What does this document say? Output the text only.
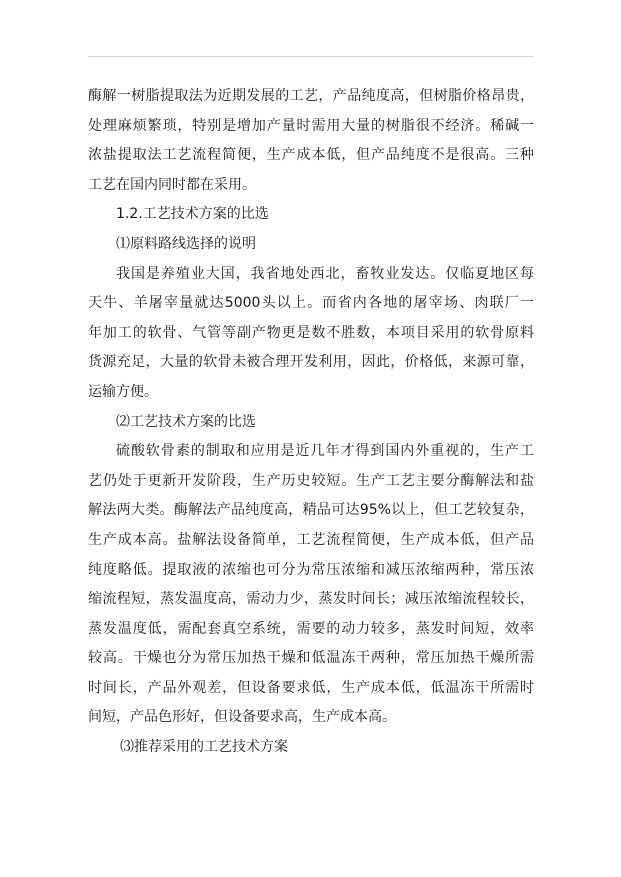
酶解一树脂提取法为近期发展的工艺，产品纯度高，但树脂价格昂贵，
处理麻烦繁琐，特别是增加产量时需用大量的树脂很不经济。稀碱一
浓盐提取法工艺流程简便，生产成本低，但产品纯度不是很高。三种
工艺在国内同时都在采用。
1.2.工艺技术方案的比选
⑴原料路线选择的说明
我国是养殖业大国，我省地处西北，畜牧业发达。仅临夏地区每
天牛、羊屠宰量就达5000头以上。而省内各地的屠宰场、肉联厂一
年加工的软骨、气管等副产物更是数不胜数，本项目采用的软骨原料
货源充足，大量的软骨未被合理开发利用，因此，价格低，来源可靠，
运输方便。
⑵工艺技术方案的比选
硫酸软骨素的制取和应用是近几年才得到国内外重视的，生产工
艺仍处于更新开发阶段，生产历史较短。生产工艺主要分酶解法和盐
解法两大类。酶解法产品纯度高，精品可达95%以上，但工艺较复杂，
生产成本高。盐解法设备简单，工艺流程简便，生产成本低，但产品
纯度略低。提取液的浓缩也可分为常压浓缩和减压浓缩两种，常压浓
缩流程短，蒸发温度高，需动力少，蒸发时间长；减压浓缩流程较长，
蒸发温度低，需配套真空系统，需要的动力较多，蒸发时间短，效率
较高。干燥也分为常压加热干燥和低温冻干两种，常压加热干燥所需
时间长，产品外观差，但设备要求低，生产成本低，低温冻干所需时
间短，产品色形好，但设备要求高，生产成本高。
⑶推荐采用的工艺技术方案
